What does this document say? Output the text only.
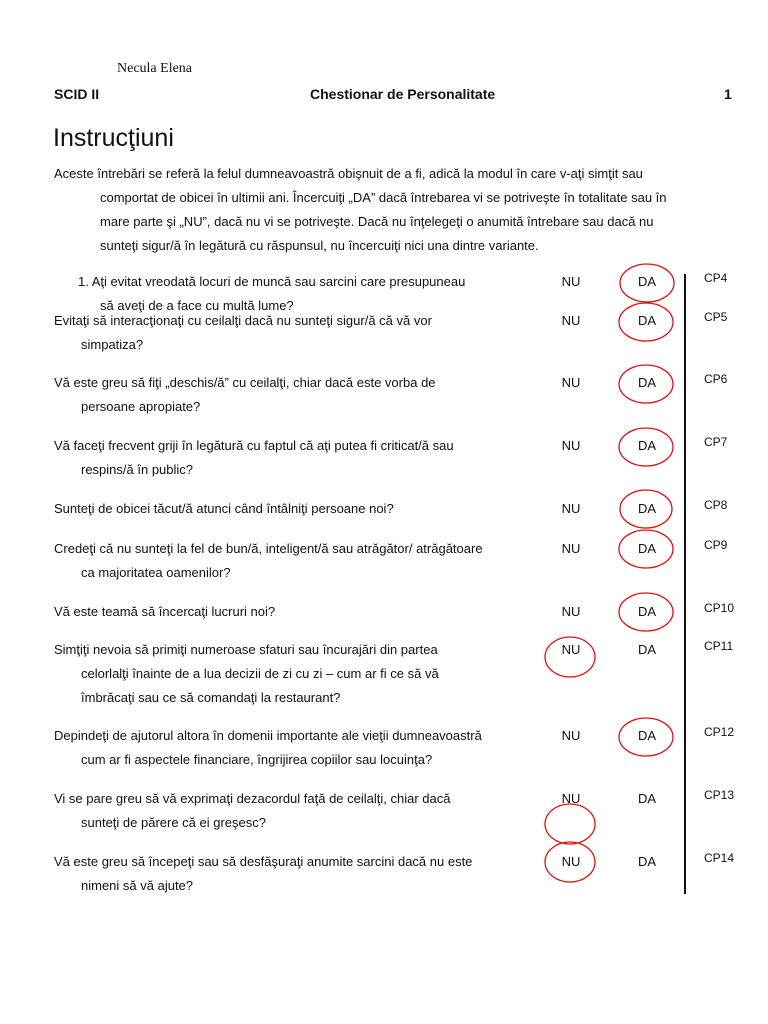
Necula Elena
SCID II	Chestionar de Personalitate	1
Instrucţiuni
Aceste întrebări se referă la felul dumneavoastră obişnuit de a fi, adică la modul în care v-aţi simţit sau
comportat de obicei în ultimii ani. Încercuiţi „DA” dacă întrebarea vi se potriveşte în totalitate sau în
mare parte şi „NU”, dacă nu vi se potriveşte. Dacă nu înţelegeţi o anumită întrebare sau dacă nu
sunteţi sigur/ă în legătură cu răspunsul, nu încercuiţi nici una dintre variante.
1. Aţi evitat vreodată locuri de muncă sau sarcini care presupuneau
să aveţi de a face cu multă lume?
NU	DA	CP4
Evitaţi să interacţionaţi cu ceilalţi dacă nu sunteţi sigur/ă că vă vor
simpatiza?
NU	DA	CP5
Vă este greu să fiţi „deschis/ă” cu ceilalţi, chiar dacă este vorba de
persoane apropiate?
NU	DA	CP6
Vă faceţi frecvent griji în legătură cu faptul că aţi putea fi criticat/ă sau
respins/ă în public?
NU	DA	CP7
Sunteţi de obicei tăcut/ă atunci când întâlniţi persoane noi?	NU	DA	CP8
Credeţi că nu sunteţi la fel de bun/ă, inteligent/ă sau atrăgător/ atrăgătoare
ca majoritatea oamenilor?
NU	DA	CP9
Vă este teamă să încercaţi lucruri noi?	NU	DA	CP10
Simţiţi nevoia să primiţi numeroase sfaturi sau încurajări din partea
celorlalţi înainte de a lua decizii de zi cu zi – cum ar fi ce să vă
îmbrăcaţi sau ce să comandaţi la restaurant?
NU	DA	CP11
Depindeţi de ajutorul altora în domenii importante ale vieţii dumneavoastră
cum ar fi aspectele financiare, îngrijirea copiilor sau locuinţa?
NU	DA	CP12
Vi se pare greu să vă exprimaţi dezacordul faţă de ceilalţi, chiar dacă
sunteţi de părere că ei greşesc?
NU	DA	CP13
Vă este greu să începeţi sau să desfăşuraţi anumite sarcini dacă nu este
nimeni să vă ajute?
NU	DA	CP14
